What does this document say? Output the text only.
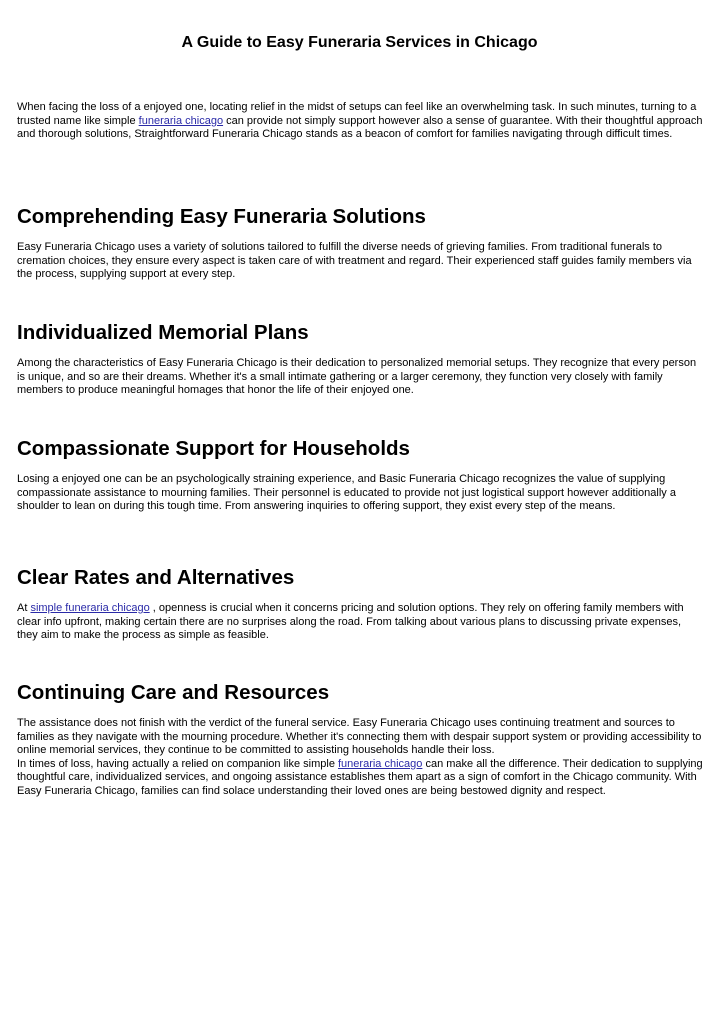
A Guide to Easy Funeraria Services in Chicago

When facing the loss of a enjoyed one, locating relief in the midst of setups can feel like an overwhelming task. In such minutes, turning to a trusted name like simple funeraria chicago can provide not simply support however also a sense of guarantee. With their thoughtful approach and thorough solutions, Straightforward Funeraria Chicago stands as a beacon of comfort for families navigating through difficult times.

Comprehending Easy Funeraria Solutions

Easy Funeraria Chicago uses a variety of solutions tailored to fulfill the diverse needs of grieving families. From traditional funerals to cremation choices, they ensure every aspect is taken care of with treatment and regard. Their experienced staff guides family members via the process, supplying support at every step.

Individualized Memorial Plans

Among the characteristics of Easy Funeraria Chicago is their dedication to personalized memorial setups. They recognize that every person is unique, and so are their dreams. Whether it's a small intimate gathering or a larger ceremony, they function very closely with family members to produce meaningful homages that honor the life of their enjoyed one.

Compassionate Support for Households

Losing a enjoyed one can be an psychologically straining experience, and Basic Funeraria Chicago recognizes the value of supplying compassionate assistance to mourning families. Their personnel is educated to provide not just logistical support however additionally a shoulder to lean on during this tough time. From answering inquiries to offering support, they exist every step of the means.

Clear Rates and Alternatives

At simple funeraria chicago , openness is crucial when it concerns pricing and solution options. They rely on offering family members with clear info upfront, making certain there are no surprises along the road. From talking about various plans to discussing private expenses, they aim to make the process as simple as feasible.

Continuing Care and Resources

The assistance does not finish with the verdict of the funeral service. Easy Funeraria Chicago uses continuing treatment and sources to families as they navigate with the mourning procedure. Whether it's connecting them with despair support system or providing accessibility to online memorial services, they continue to be committed to assisting households handle their loss.

In times of loss, having actually a relied on companion like simple funeraria chicago can make all the difference. Their dedication to supplying thoughtful care, individualized services, and ongoing assistance establishes them apart as a sign of comfort in the Chicago community. With Easy Funeraria Chicago, families can find solace understanding their loved ones are being bestowed dignity and respect.
